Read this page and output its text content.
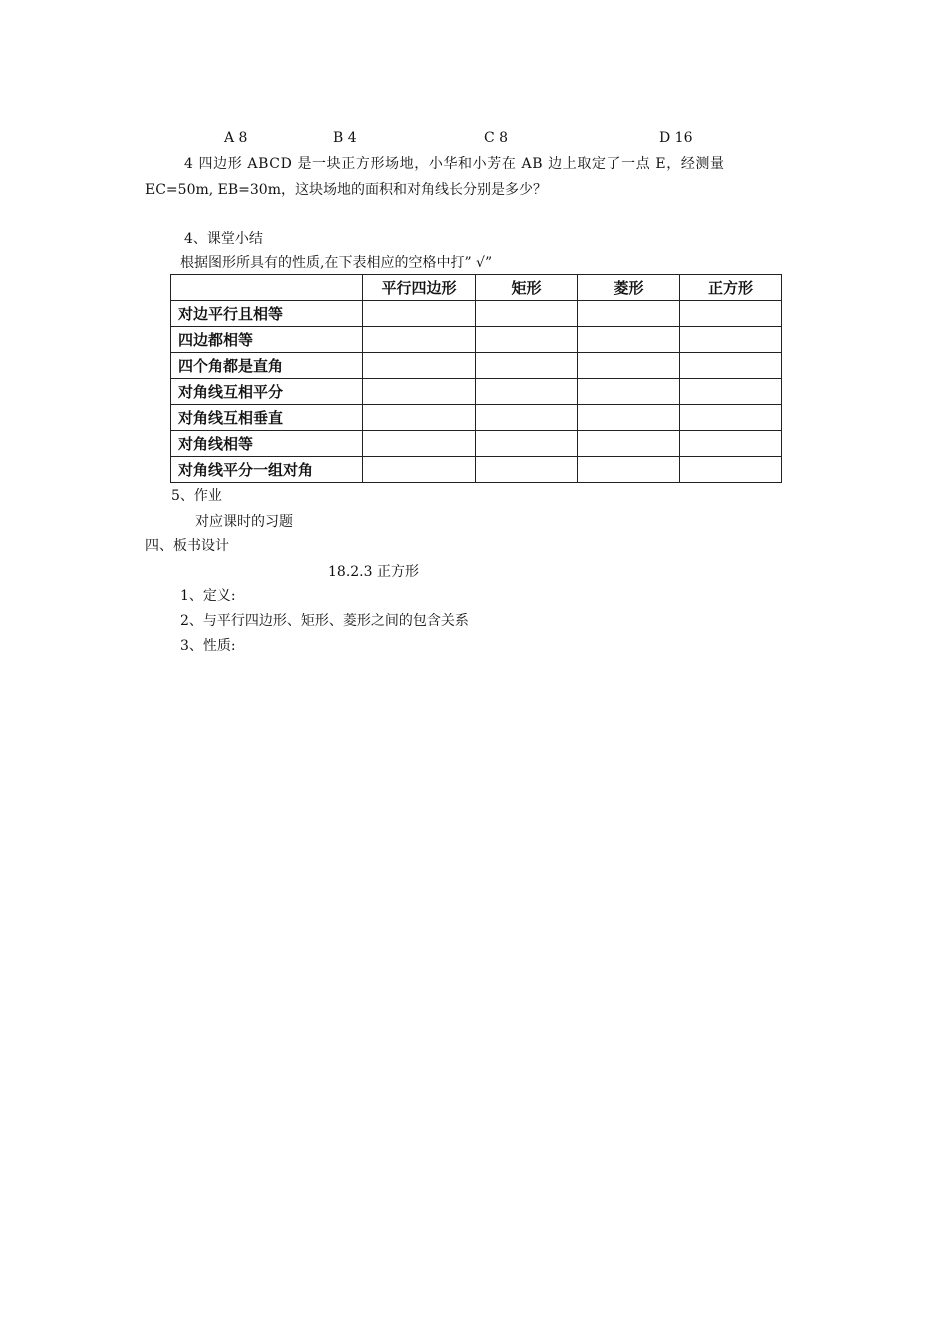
A 8	B 4	C 8	D 16
4 四边形 ABCD 是一块正方形场地，小华和小芳在 AB 边上取定了一点 E，经测量
EC=50m, EB=30m，这块场地的面积和对角线长分别是多少？
4、课堂小结
根据图形所具有的性质,在下表相应的空格中打” √”
	平行四边形	矩形	菱形	正方形
对边平行且相等				
四边都相等				
四个角都是直角				
对角线互相平分				
对角线互相垂直				
对角线相等				
对角线平分一组对角				
5、作业
对应课时的习题
四、板书设计
18.2.3 正方形
1、定义:
2、与平行四边形、矩形、菱形之间的包含关系
3、性质:
